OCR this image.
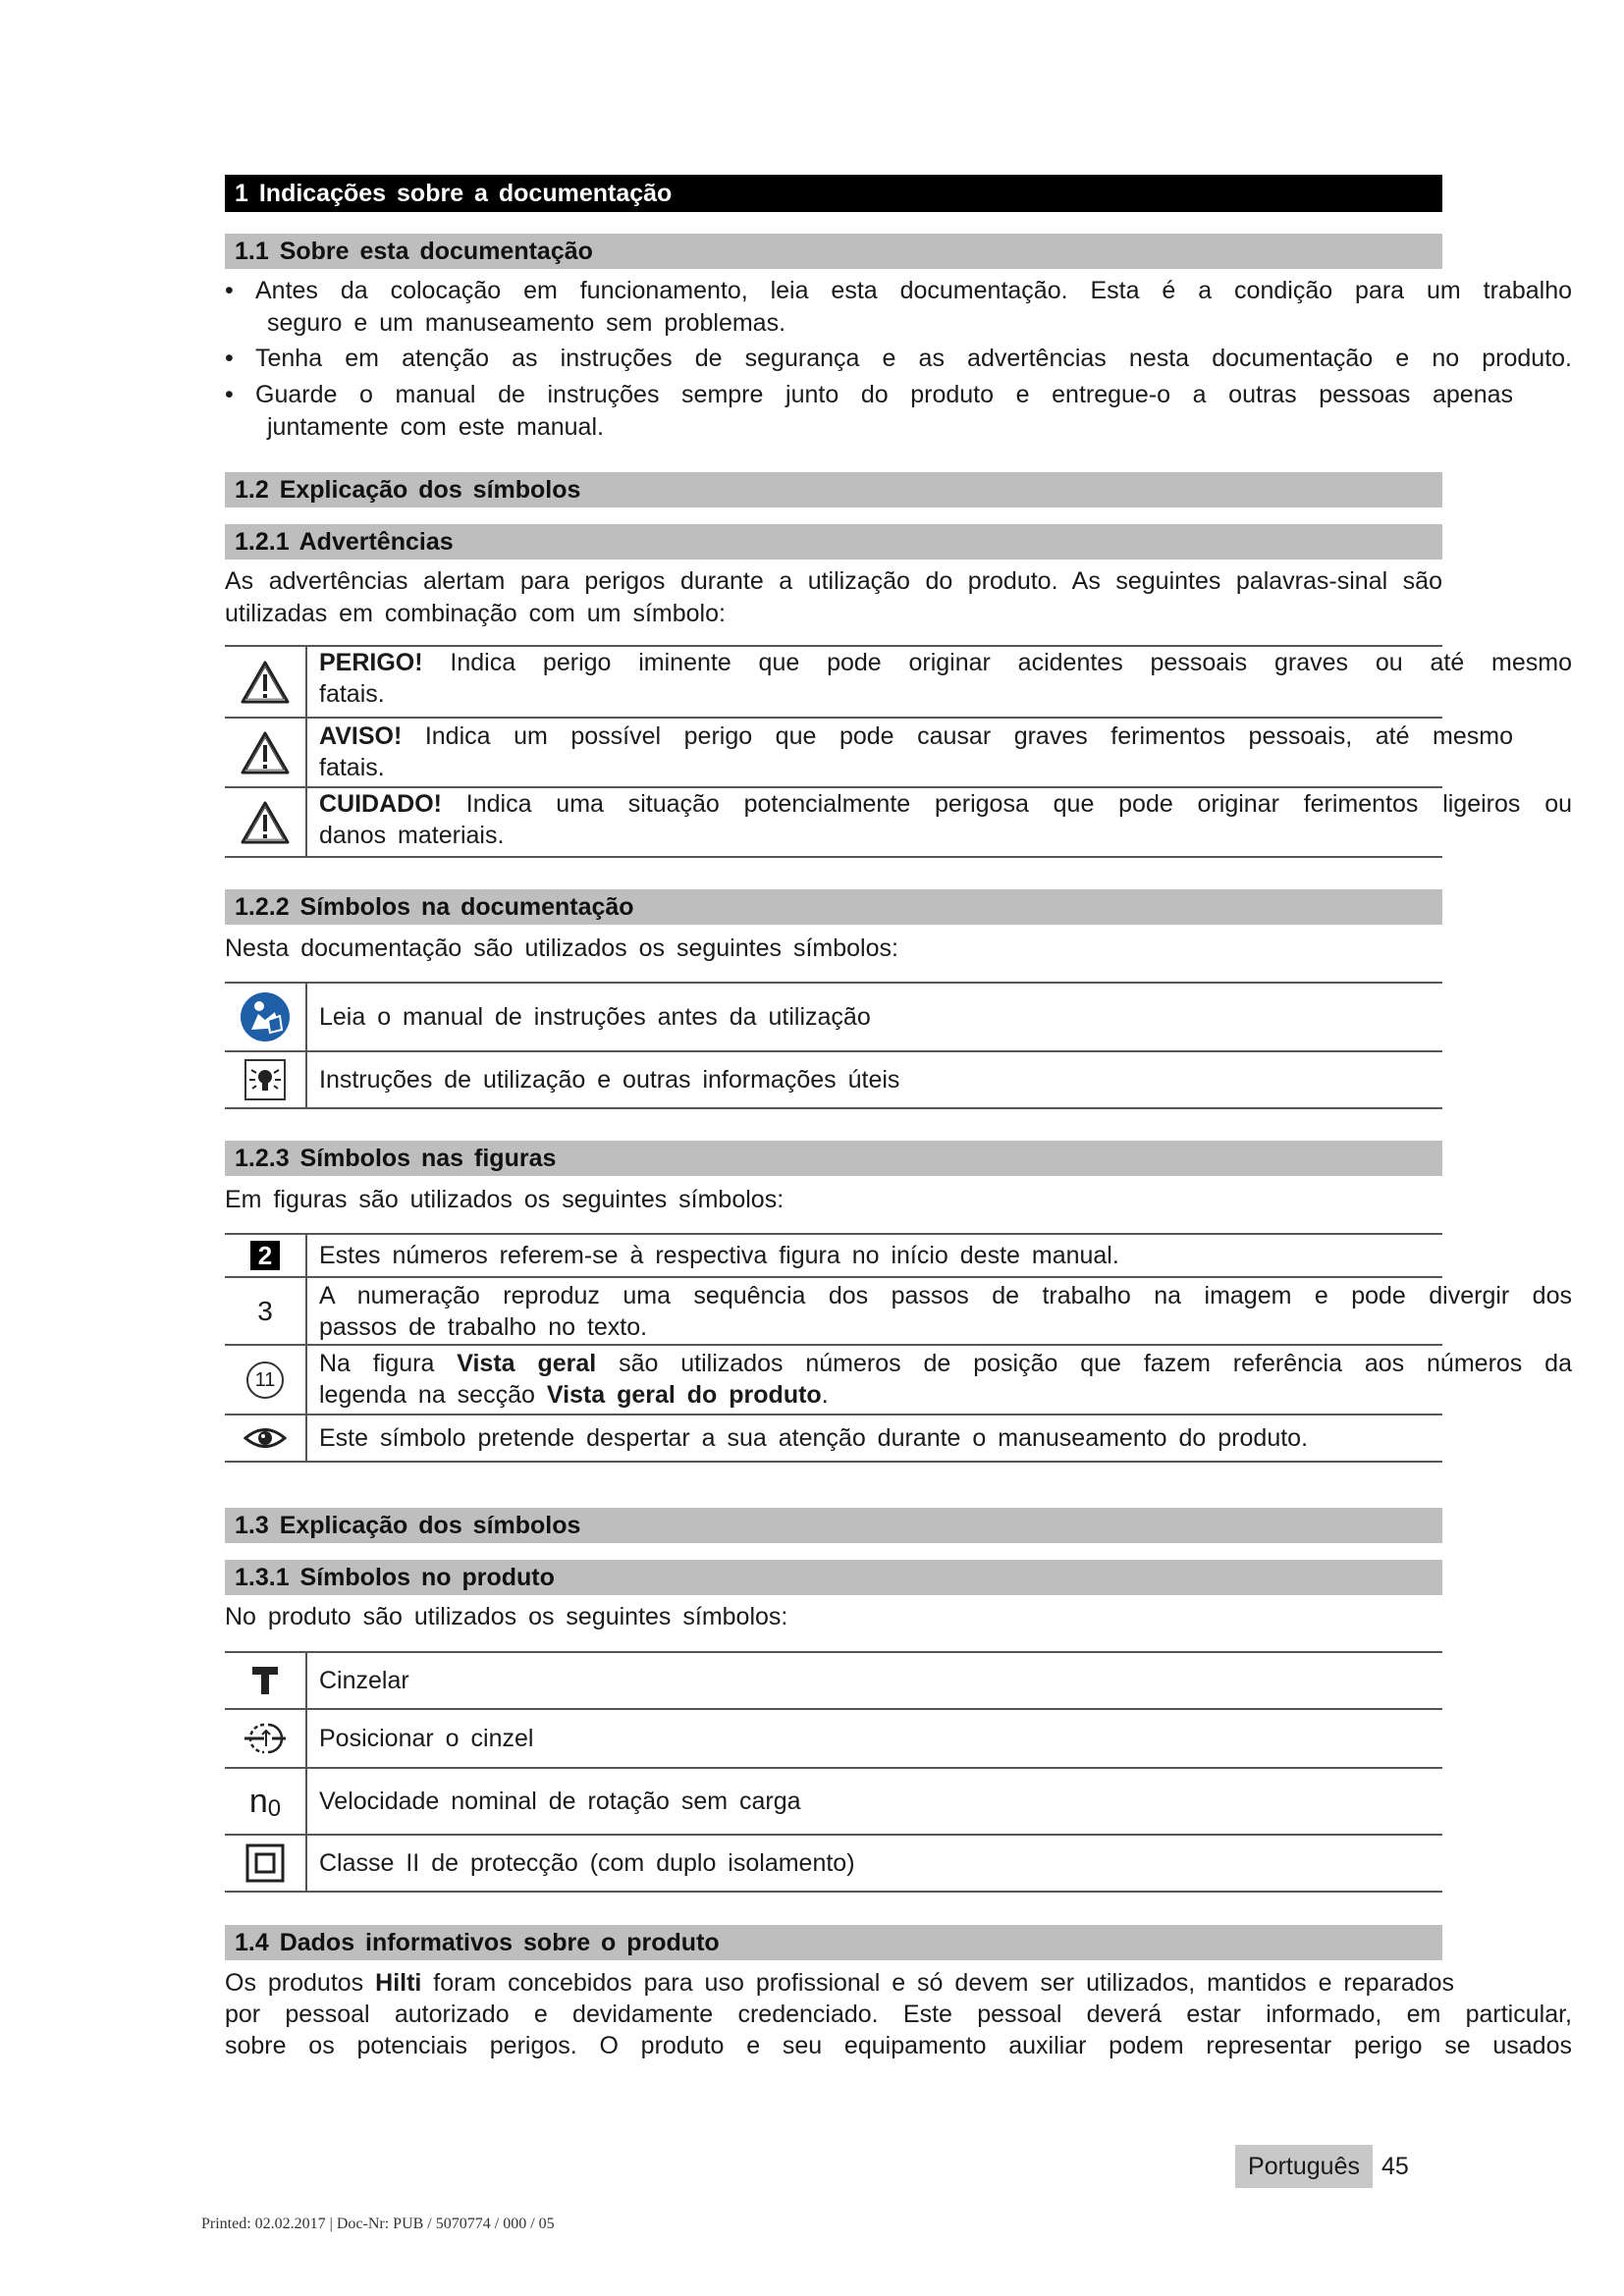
1 Indicações sobre a documentação
1.1 Sobre esta documentação
• Antes da colocação em funcionamento, leia esta documentação. Esta é a condição para um trabalho
seguro e um manuseamento sem problemas.
• Tenha em atenção as instruções de segurança e as advertências nesta documentação e no produto.
• Guarde o manual de instruções sempre junto do produto e entregue-o a outras pessoas apenas
juntamente com este manual.
1.2 Explicação dos símbolos
1.2.1 Advertências
As advertências alertam para perigos durante a utilização do produto. As seguintes palavras-sinal são
utilizadas em combinação com um símbolo:
PERIGO! Indica perigo iminente que pode originar acidentes pessoais graves ou até mesmo
fatais.
AVISO! Indica um possível perigo que pode causar graves ferimentos pessoais, até mesmo
fatais.
CUIDADO! Indica uma situação potencialmente perigosa que pode originar ferimentos ligeiros ou
danos materiais.
1.2.2 Símbolos na documentação
Nesta documentação são utilizados os seguintes símbolos:
Leia o manual de instruções antes da utilização
Instruções de utilização e outras informações úteis
1.2.3 Símbolos nas figuras
Em figuras são utilizados os seguintes símbolos:
2	Estes números referem-se à respectiva figura no início deste manual.
3 A numeração reproduz uma sequência dos passos de trabalho na imagem e pode divergir dos
passos de trabalho no texto.
11
Na figura Vista geral são utilizados números de posição que fazem referência aos números da
legenda na secção Vista geral do produto.
Este símbolo pretende despertar a sua atenção durante o manuseamento do produto.
1.3 Explicação dos símbolos
1.3.1 Símbolos no produto
No produto são utilizados os seguintes símbolos:
Cinzelar
Posicionar o cinzel
n 0 Velocidade nominal de rotação sem carga
Classe II de protecção (com duplo isolamento)
1.4 Dados informativos sobre o produto
Os produtos Hilti foram concebidos para uso profissional e só devem ser utilizados, mantidos e reparados
por pessoal autorizado e devidamente credenciado. Este pessoal deverá estar informado, em particular,
sobre os potenciais perigos. O produto e seu equipamento auxiliar podem representar perigo se usados
Português 45
Printed: 02.02.2017 | Doc-Nr: PUB / 5070774 / 000 / 05
